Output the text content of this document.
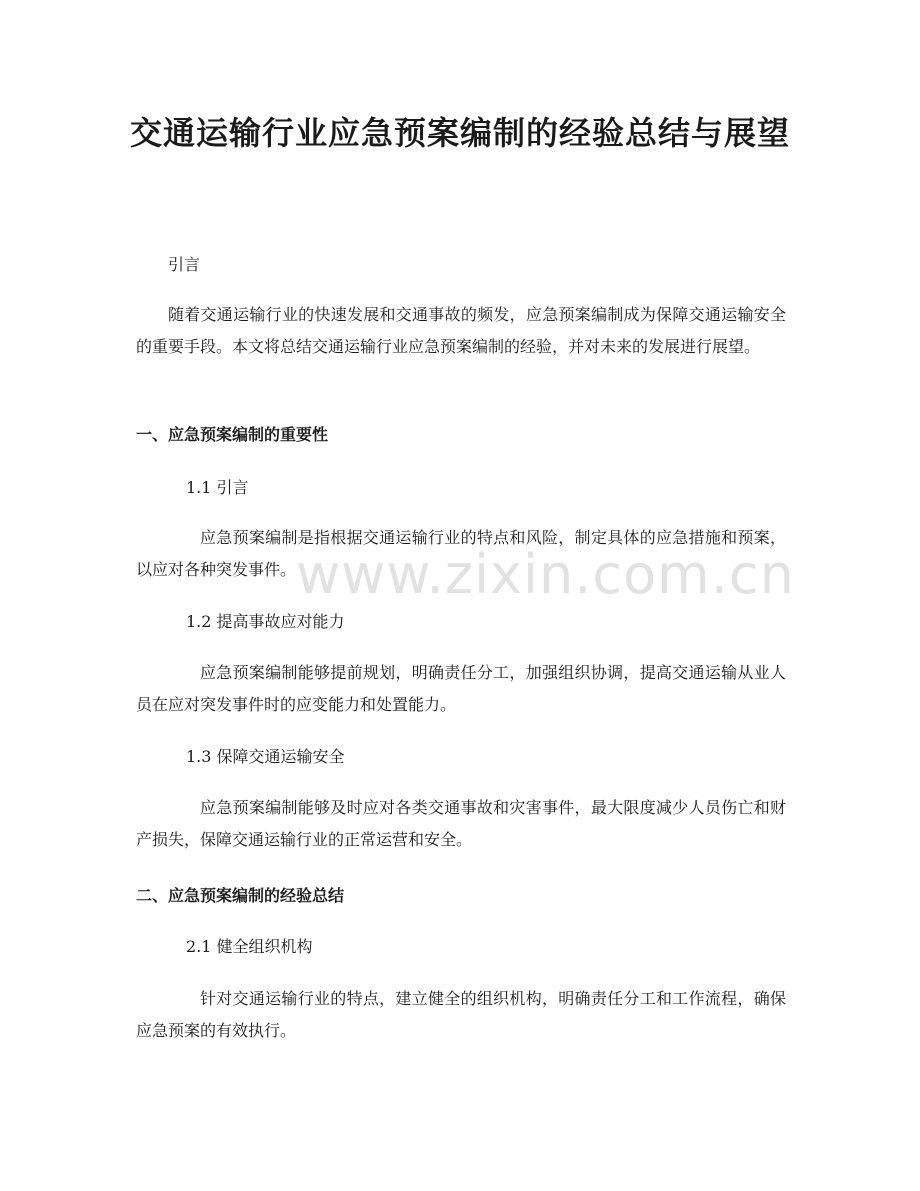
交通运输行业应急预案编制的经验总结与展望

引言

随着交通运输行业的快速发展和交通事故的频发，应急预案编制成为保障交通运输安全的重要手段。本文将总结交通运输行业应急预案编制的经验，并对未来的发展进行展望。

一、应急预案编制的重要性

1.1 引言

应急预案编制是指根据交通运输行业的特点和风险，制定具体的应急措施和预案，以应对各种突发事件。

1.2 提高事故应对能力

应急预案编制能够提前规划，明确责任分工，加强组织协调，提高交通运输从业人员在应对突发事件时的应变能力和处置能力。

1.3 保障交通运输安全

应急预案编制能够及时应对各类交通事故和灾害事件，最大限度减少人员伤亡和财产损失，保障交通运输行业的正常运营和安全。

二、应急预案编制的经验总结

2.1 健全组织机构

针对交通运输行业的特点，建立健全的组织机构，明确责任分工和工作流程，确保应急预案的有效执行。

www.zixin.com.cn
